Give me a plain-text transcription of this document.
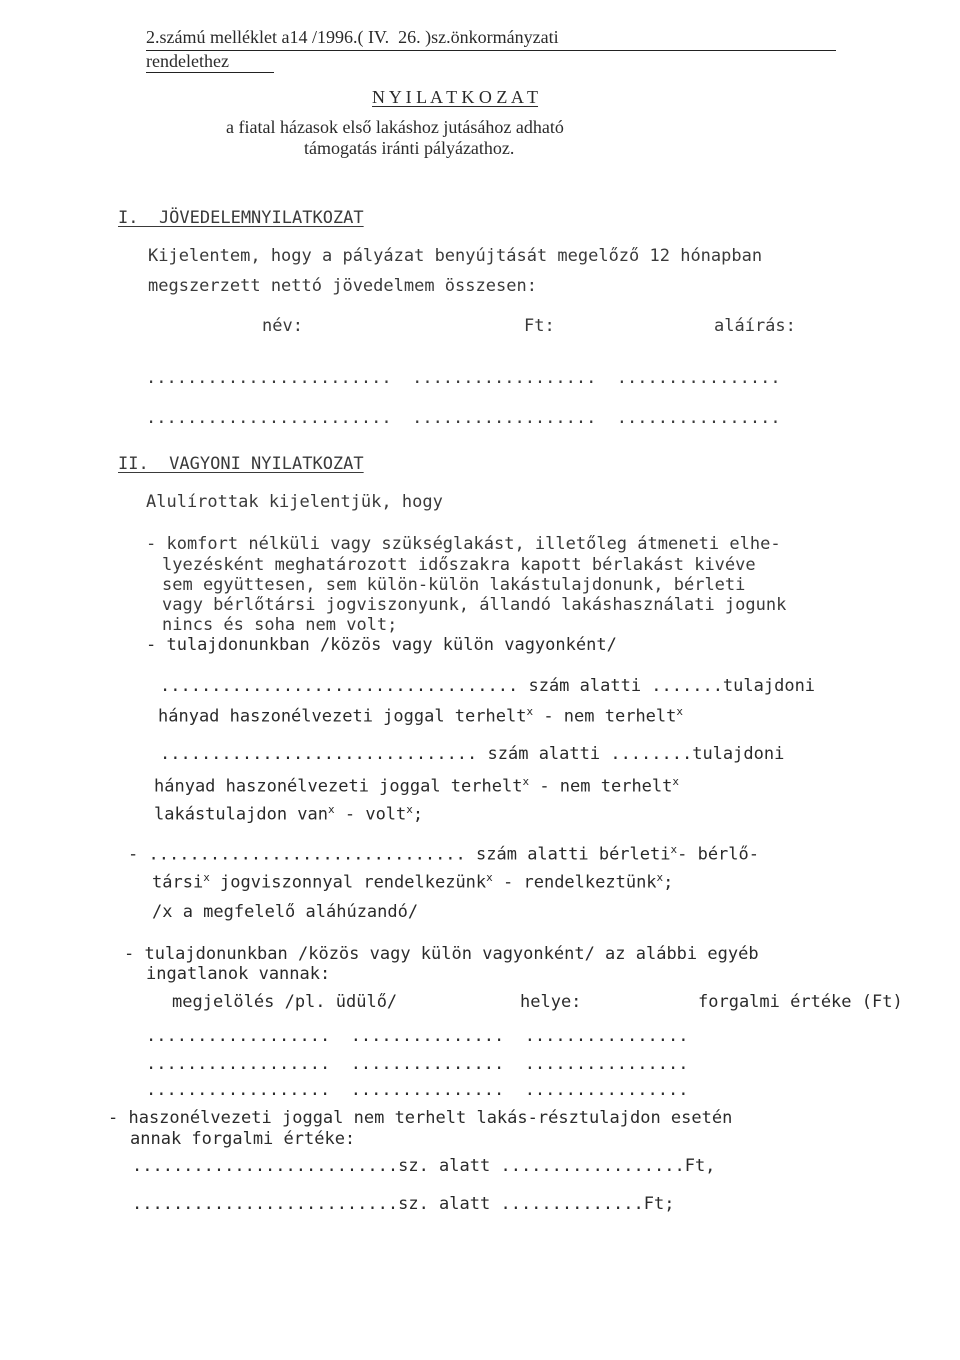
2.számú melléklet a14 /1996.( IV.  26. )sz.önkormányzati
rendelethez
N Y I L A T K O Z A T
a fiatal házasok első lakáshoz jutásához adható
támogatás iránti pályázathoz.
I.  JÖVEDELEMNYILATKOZAT
Kijelentem, hogy a pályázat benyújtását megelőző 12 hónapban
megszerzett nettó jövedelmem összesen:
név:	Ft:	aláírás:
........................  ..................  ................
........................  ..................  ................
II.  VAGYONI NYILATKOZAT
Alulírottak kijelentjük, hogy
- komfort nélküli vagy szükséglakást, illetőleg átmeneti elhe-
lyezésként meghatározott időszakra kapott bérlakást kivéve
sem együttesen, sem külön-külön lakástulajdonunk, bérleti
vagy bérlőtársi jogviszonyunk, állandó lakáshasználati jogunk
nincs és soha nem volt;
- tulajdonunkban /közös vagy külön vagyonként/
................................... szám alatti .......tulajdoni
hányad haszonélvezeti joggal terhelt$^x$ - nem terhelt$^x$
............................... szám alatti ........tulajdoni
hányad haszonélvezeti joggal terhelt$^x$ - nem terhelt$^x$
lakástulajdon van$^x$ - volt$^x$;
- ............................... szám alatti bérleti$^x$- bérlő-
társi$^x$ jogviszonnyal rendelkezünk$^x$ - rendelkeztünk$^x$;
/x a megfelelő aláhúzandó/
- tulajdonunkban /közös vagy külön vagyonként/ az alábbi egyéb
ingatlanok vannak:
megjelölés /pl. üdülő/	helye:	forgalmi értéke (Ft)
..................  ...............  ................
..................  ...............  ................
..................  ...............  ................
- haszonélvezeti joggal nem terhelt lakás-résztulajdon esetén
annak forgalmi értéke:
..........................sz. alatt ..................Ft,
..........................sz. alatt ..............Ft;
